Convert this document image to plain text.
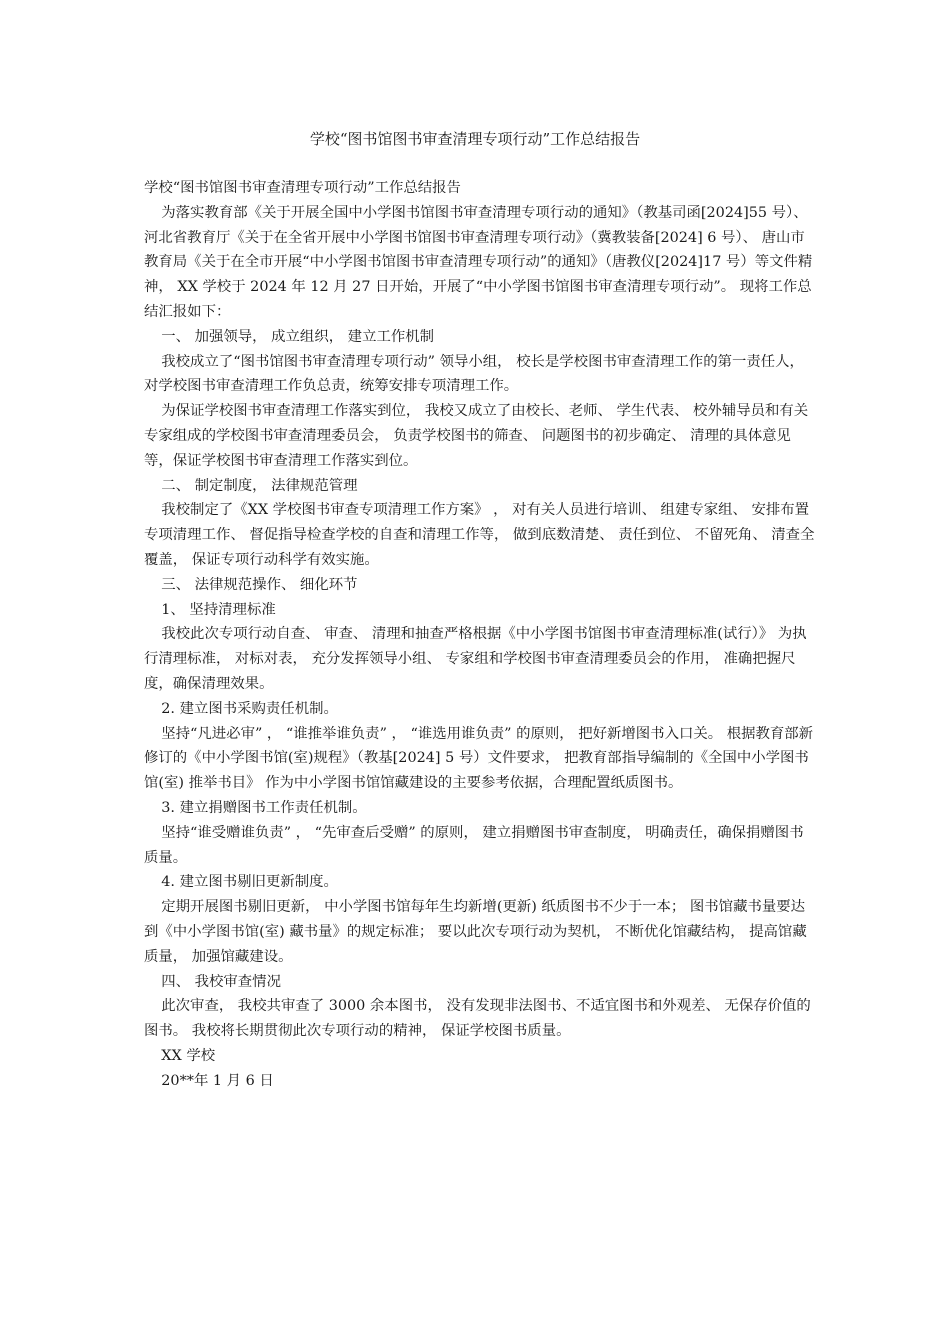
学校“图书馆图书审查清理专项行动”工作总结报告

学校“图书馆图书审查清理专项行动”工作总结报告

为落实教育部《关于开展全国中小学图书馆图书审查清理专项行动的通知》（教基司函[2024]55 号）、 河北省教育厅《关于在全省开展中小学图书馆图书审查清理专项行动》（冀教装备[2024] 6 号）、 唐山市教育局《关于在全市开展“中小学图书馆图书审查清理专项行动”的通知》（唐教仪[2024]17 号）等文件精神， XX 学校于 2024 年 12 月 27 日开始，开展了“中小学图书馆图书审查清理专项行动”。 现将工作总结汇报如下：

一、 加强领导， 成立组织， 建立工作机制

我校成立了“图书馆图书审查清理专项行动” 领导小组， 校长是学校图书审查清理工作的第一责任人， 对学校图书审查清理工作负总责，统筹安排专项清理工作。

为保证学校图书审查清理工作落实到位， 我校又成立了由校长、老师、 学生代表、 校外辅导员和有关专家组成的学校图书审查清理委员会， 负责学校图书的筛查、 问题图书的初步确定、 清理的具体意见等，保证学校图书审查清理工作落实到位。

二、 制定制度， 法律规范管理

我校制定了《XX 学校图书审查专项清理工作方案》 ， 对有关人员进行培训、 组建专家组、 安排布置专项清理工作、 督促指导检查学校的自查和清理工作等， 做到底数清楚、 责任到位、 不留死角、 清查全覆盖， 保证专项行动科学有效实施。

三、 法律规范操作、 细化环节

1、 坚持清理标准

我校此次专项行动自查、 审查、 清理和抽查严格根据《中小学图书馆图书审查清理标准(试行）》 为执行清理标准， 对标对表， 充分发挥领导小组、 专家组和学校图书审查清理委员会的作用， 准确把握尺度，确保清理效果。

2. 建立图书采购责任机制。

坚持“凡进必审” ， “谁推举谁负责” ， “谁选用谁负责” 的原则， 把好新增图书入口关。 根据教育部新修订的《中小学图书馆(室)规程》（教基[2024] 5 号）文件要求， 把教育部指导编制的《全国中小学图书馆(室) 推举书目》 作为中小学图书馆馆藏建设的主要参考依据，合理配置纸质图书。

3. 建立捐赠图书工作责任机制。

坚持“谁受赠谁负责” ， “先审查后受赠” 的原则， 建立捐赠图书审查制度， 明确责任，确保捐赠图书质量。

4. 建立图书剔旧更新制度。

定期开展图书剔旧更新， 中小学图书馆每年生均新增(更新) 纸质图书不少于一本； 图书馆藏书量要达到《中小学图书馆(室) 藏书量》的规定标准； 要以此次专项行动为契机， 不断优化馆藏结构， 提高馆藏质量， 加强馆藏建设。

四、 我校审查情况

此次审查， 我校共审查了 3000 余本图书， 没有发现非法图书、不适宜图书和外观差、 无保存价值的图书。 我校将长期贯彻此次专项行动的精神， 保证学校图书质量。

XX 学校

20**年 1 月 6 日
